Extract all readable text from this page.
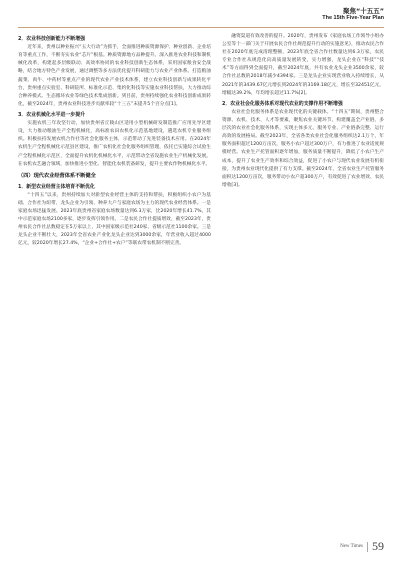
聚焦“十五五”
The 15th Five-Year Plan
2．农业科技创新能力不断增强

近年来，贵州以种业振兴“五大行动”为抓手，全面推进种质资源保护、种业创新、企业培育等重点工作，不断夯实农业“芯片”根基。种质资源地方品种提升。深入推进农业科技和制机械化改革，构建起多层级联动、高效率协同的农业科技创新生态体系，采用国家粮食安全战略，结合地方特色产业发展，通过调整等多方法优化提升科研能力与农业产业体系。打造粮油蔬菜、肉牛、中药材等重点产业的现代农业产业技术体系，建立农业科技创新与成果转化平台，贵州重点实验室、科研院所、标准化示范、集约化科技等实施农业科技帮扶，大力推动综合种养模式、生态循环农业等绿色技术集成创新。到目前，贵州持续强化农业科技创新成果转化，截至2024年，贵州农业科技进步贡献率较“十三五”末提升5个百分点[1]。

3．农业机械化水平进一步提升

实施农机三年攻坚行动，加快贵州省丘陵山区适用小型机械研发制造推广应用先导区建设，大力推动粮油生产全程机械化，高标准农田农机化示范基地建设，遴选农机专业服务组织。积极扶持发展农机合作社等社会化服务主体，示范带动了先进装备技术应用。在2024年农机生产全程机械化示范县区建设，推广农机化社会化服务组织管理，依托已实施综合试验生产全程机械化示范区，全面提升农机化机械化水平，示范带动全省设施农业生产机械化发展。在农机农艺融合领域，加快推进小型化、智能化农机装备研发，提升主要农作物机械化水平。

（四）现代农业经营体系不断健全
1．新型农业经营主体培育不断优化

“十四五”以来，贵州持续加大对新型农业经营主体的支持和帮扶，积极组织小农户为基础、合作社为纽带、龙头企业为引领、种养大户与家庭农场为主力的现代农业经营体系。一是家庭农场迅猛发展。2023年底贵州省家庭农场数量达到6.3万家，比2020年增长41.7%，其中示范家庭农场2100多家，逐步发挥引领作用。二是农民合作社提质增效，截至2023年，贵州农民合作社总数稳定在5万家以上，其中国家级示范社240家、省级示范社1100余家。三是龙头企业不断壮大，2023年全省农业产业化龙头企业达到3000余家，年营业收入超过4000亿元，较2020年增长27.4%，“企业+合作社+农户”等联农带农机制不断完善。

融资渠道有效改善的提升。2020年，贵州发布《家庭农场工作领导小组办公室等十一部门关于开展农民合作社规范提升行动的实施意见》，推动农民合作社在2020年底完成清理整顿，2023年底全省合作社数量达到6.3万家，农民专业合作社从规范化向高质量发展转变，实力增强，龙头企业在“科技”“技术”等方面得到全面提升，截至2024年底，共有农业龙头企业3500余家，较合作社总数的2018年减少4394家。三是龙头企业实现营业收入持续增长，从2021年的3439.67亿元增长到2024年的3169.18亿元，增长至32451亿元，增幅达39.2%，年均增长超过11.7%[2]。

2．农业社会化服务体系对现代农业的支撑作用不断增强

农业社会化服务体系是农业现代化的关键载体。“十四五”期间，贵州整合资源、农机、技术、人才等要素，聚焦农业关键环节，构建覆盖全产业链、多层次的农业社会化服务体系，实现主体多元、服务专业、产业链条完整、运行高效的发展格局。截至2023年，全省各类农业社会化服务组织达2.1万个，年服务面积超过1200万亩次，服务小农户超过300万户，有力推进了农业适度规模经营。农业生产托管面积逐年增加，服务质量不断提升，降低了小农户生产成本，提升了农业生产效率和综合效益，促进了小农户与现代农业发展有机衔接，为贵州农业现代化提供了有力支撑。截至2024年，全省农业生产托管服务面积达1200万亩次，服务带动小农户超300万户，有效促进了农业增效、农民增收[3]。

New Times 59
